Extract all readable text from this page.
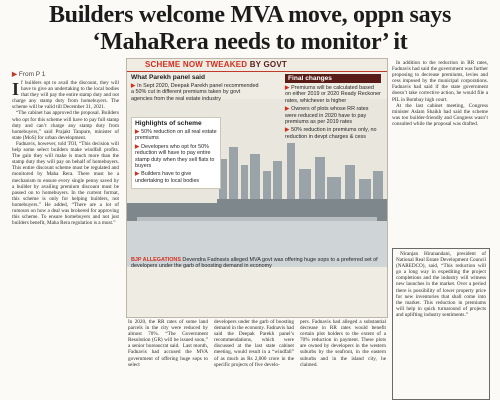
Builders welcome MVA move, oppn says ‘MahaRera needs to monitor’ it
▶ From P 1
I f builders opt to avail the discount, they will have to give an undertaking to the local bodies that they will pay the entire stamp duty and not charge any stamp duty from homebuyers. The scheme will be valid till December 31, 2021.

“The cabinet has approved the proposal. Builders who opt for this scheme will have to pay full stamp duty and can’t charge any stamp duty from homebuyers,” said Prajakt Tanpure, minister of state (MoS) for urban development.

Fadnavis, however, told TOI, “This decision will help some select builders make windfall profits. The gain they will make is much more than the stamp duty they will pay on behalf of homebuyers. This entire discount scheme must be regulated and monitored by Maha Rera. There must be a mechanism to ensure every single penny saved by a builder by availing premium discount must be passed on to homebuyers. In the current format, this scheme is only for helping builders, not homebuyers.” He added, “There are a lot of rumours on how a deal was brokered for approving this scheme. To ensure homebuyers and not just builders benefit, Maha Rera regulation is a must.”

SCHEME NOW TWEAKED BY GOVT
What Parekh panel said
▶ In Sept 2020, Deepak Parekh panel recommended a 50% cut in different premiums taken by govt agencies from the real estate industry
Final changes
▶ Premiums will be calculated based on either 2019 or 2020 Ready Reckoner rates, whichever is higher
▶ Owners of plots whose RR rates were reduced in 2020 have to pay premiums as per 2019 rates
▶ 50% reduction in premiums only, no reduction in devpt charges & cess
Highlights of scheme
▶ 50% reduction on all real estate premiums
▶ Developers who opt for 50% reduction will have to pay entire stamp duty when they sell flats to buyers
▶ Builders have to give undertaking to local bodies
BJP ALLEGATIONS Devendra Fadnavis alleged MVA govt was offering huge sops to a preferred set of developers under the garb of boosting demand in economy
In 2020, the RR rates of some land parcels in the city were reduced by almost 70%. “The Government Resolution (GR) will be issued soon,” a senior bureaucrat said.  Last month, Fadnavis had accused the MVA government of offering huge sops to select
developers under the garb of boosting demand in the economy. Fadnavis had said the Deepak Parekh panel’s recommendations, which were discussed at the last state cabinet meeting, would result in a “windfall” of as much as Rs 2,000 crore in the specific projects of five develo-
pers. Fadnavis had alleged a substantial decrease in RR rates would benefit certain plot holders to the extent of a 70% reduction in payment. These plots are owned by developers in the western suburbs by the seafront, in the eastern suburbs and in the island city, he claimed.

In addition to the reduction in RR rates, Fadnavis had said the government was further proposing to decrease premiums, levies and cess imposed by the municipal corporations. Fadnavis had said if the state government doesn’t take corrective action, he would file a PIL in Bombay high court.

At the last cabinet meeting, Congress minister Aslam Shaikh had said the scheme was too builder-friendly and Congress wasn’t consulted while the proposal was drafted.

Niranjan Hiranandani, president of National Real Estate Development Council (NAREDCO), said, “This reduction will go a long way in expediting the project completions and the industry will witness new launches in the market. Over a period there is possibility of lower property price for new inventories that shall come into the market. This reduction in premiums will help in quick turnaround of projects and uplifting industry sentiments.”
